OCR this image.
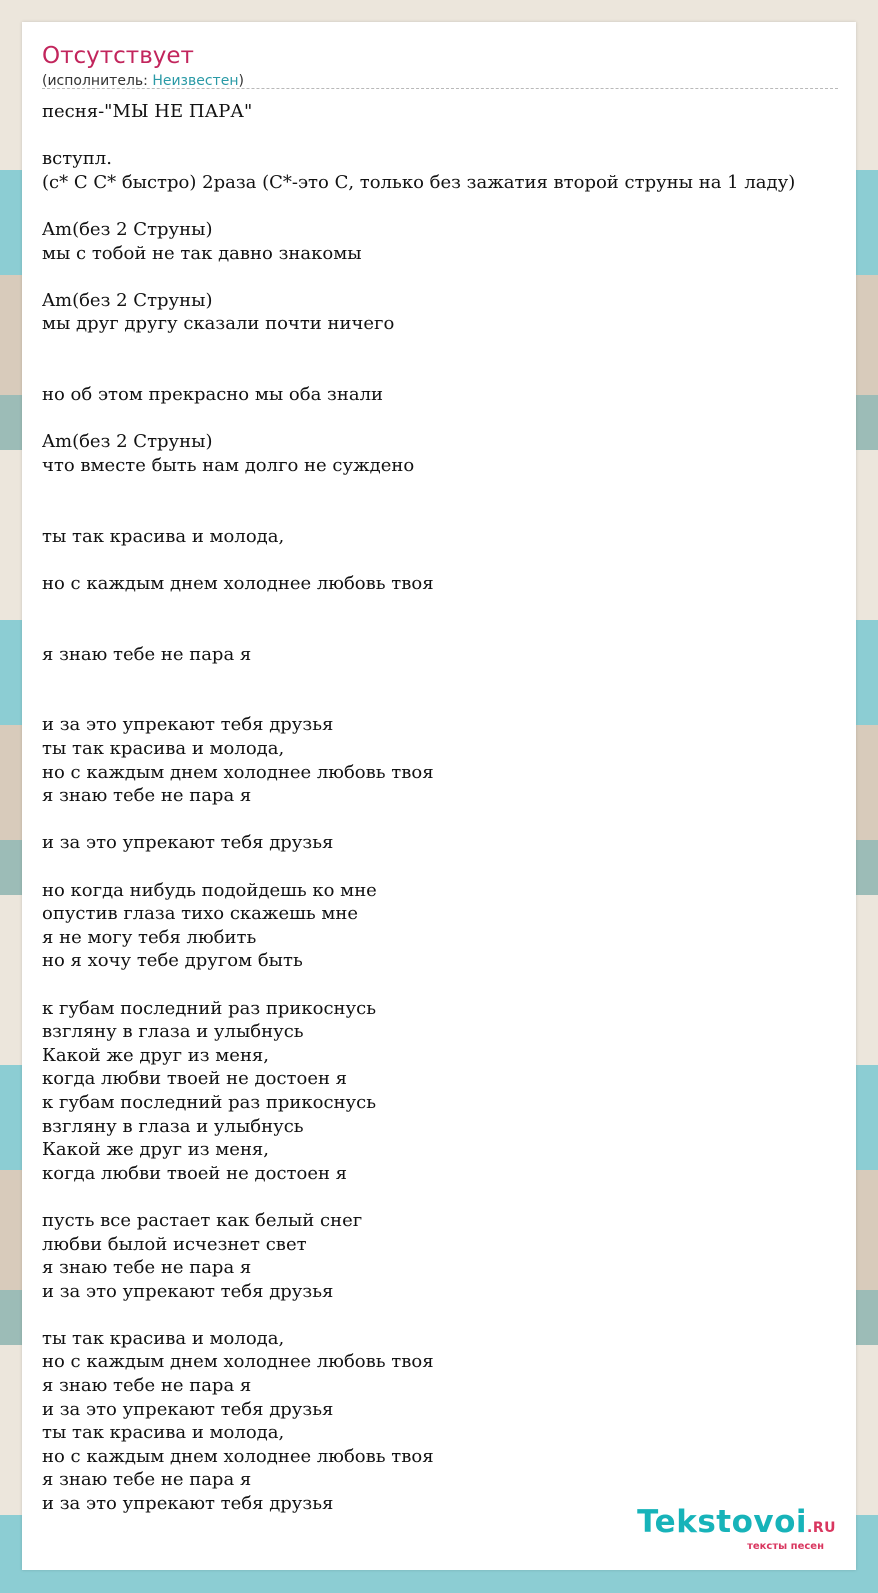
Отсутствует
(исполнитель: Неизвестен)
песня-"МЫ НЕ ПАРА"
вступл.
(c* C C* быстро) 2раза (C*-это С, только без зажатия второй струны на 1 ладу)
Am(без 2 Струны)
мы с тобой не так давно знакомы
Am(без 2 Струны)
мы друг другу сказали почти ничего
но об этом прекрасно мы оба знали
Am(без 2 Струны)
что вместе быть нам долго не суждено
ты так красива и молода,
но с каждым днем холоднее любовь твоя
я знаю тебе не пара я
и за это упрекают тебя друзья
ты так красива и молода,
но с каждым днем холоднее любовь твоя
я знаю тебе не пара я
и за это упрекают тебя друзья
но когда нибудь подойдешь ко мне
опустив глаза тихо скажешь мне
я не могу тебя любить
но я хочу тебе другом быть
к губам последний раз прикоснусь
взгляну в глаза и улыбнусь
Какой же друг из меня,
когда любви твоей не достоен я
к губам последний раз прикоснусь
взгляну в глаза и улыбнусь
Какой же друг из меня,
когда любви твоей не достоен я
пусть все растает как белый снег
любви былой исчезнет свет
я знаю тебе не пара я
и за это упрекают тебя друзья
ты так красива и молода,
но с каждым днем холоднее любовь твоя
я знаю тебе не пара я
и за это упрекают тебя друзья
ты так красива и молода,
но с каждым днем холоднее любовь твоя
я знаю тебе не пара я
и за это упрекают тебя друзья
Tekstovoi.RU
тексты песен
